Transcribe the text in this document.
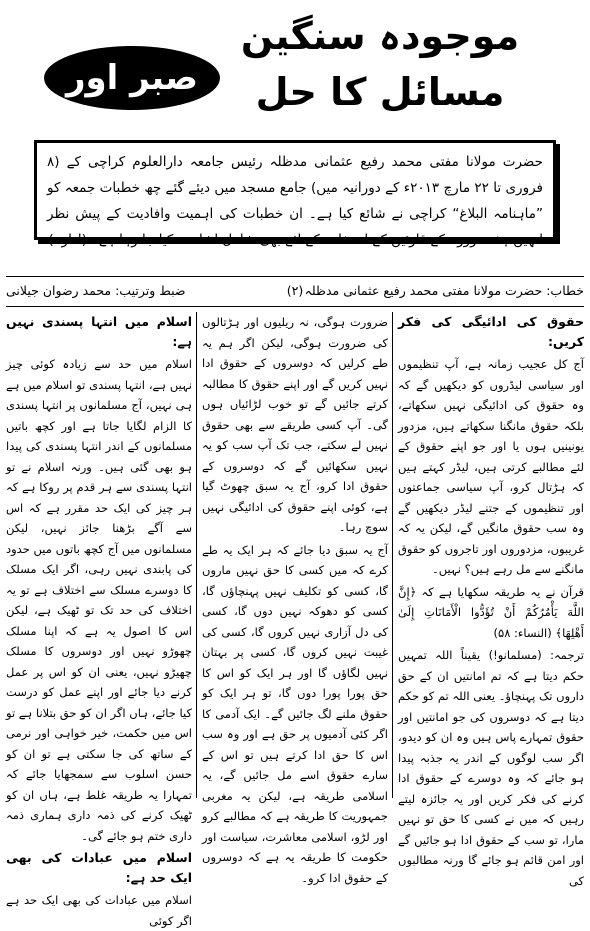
موجودہ سنگین مسائل کا حل
صبر اور نماز

حضرت مولانا مفتی محمد رفیع عثمانی مدظلہ رئیس جامعہ دارالعلوم کراچی کے (۸ فروری تا ۲۲ مارچ ۲۰۱۳ء کے دورانیہ میں) جامع مسجد میں دیئے گئے چھ خطبات جمعہ کو ”ماہنامہ البلاغ“ کراچی نے شائع کیا ہے۔ ان خطبات کی اہمیت وافادیت کے پیش نظر انہیں ہفت روزہ کے قارئین کے استفادہ کے لئے بھی شامل اشاعت کیا جا رہا ہے۔ (ادارہ)

خطاب: حضرت مولانا مفتی محمد رفیع عثمانی مدظلہ
(۲)
ضبط وترتیب: محمد رضوان جیلانی
حقوق کی ادائیگی کی فکر کریں:

آج کل عجیب زمانہ ہے، آپ تنظیموں اور سیاسی لیڈروں کو دیکھیں گے کہ وہ حقوق کی ادائیگی نہیں سکھاتے، بلکہ حقوق مانگنا سکھاتے ہیں، مزدور یونینیں ہوں یا اور جو اپنے حقوق کے لئے مطالبے کرتی ہیں، لیڈر کہتے ہیں کہ ہڑتال کرو، آپ سیاسی جماعتوں اور تنظیموں کے جتنے لیڈر دیکھیں گے وہ سب حقوق مانگیں گے، لیکن یہ کہ غریبوں، مزدوروں اور تاجروں کو حقوق مانگنے سے مل رہے ہیں؟ نہیں۔

قرآن نے یہ طریقہ سکھایا ہے کہ ﴿إِنَّ اللَّهَ يَأْمُرُكُمْ أَنْ تُؤَدُّوا الْأَمَانَاتِ إِلَىٰ أَهْلِهَا﴾ (النساء: ۵۸)

ترجمہ: (مسلمانو!) یقیناً اللہ تمہیں حکم دیتا ہے کہ تم امانتیں ان کے حق داروں تک پہنچاؤ۔ یعنی اللہ تم کو حکم دیتا ہے کہ دوسروں کی جو امانتیں اور حقوق تمہارے پاس ہیں وہ ان کو دیدو، اگر سب لوگوں کے اندر یہ جذبہ پیدا ہو جائے کہ وہ دوسرے کے حقوق ادا کرنے کی فکر کریں اور یہ جائزہ لیتے رہیں کہ میں نے کسی کا حق تو نہیں مارا، تو سب کے حقوق ادا ہو جائیں گے اور امن قائم ہو جائے گا ورنہ مطالبوں کی

ضرورت ہوگی، نہ ریلیوں اور ہڑتالوں کی ضرورت ہوگی، لیکن اگر ہم یہ طے کرلیں کہ دوسروں کے حقوق ادا نہیں کریں گے اور اپنے حقوق کا مطالبہ کرتے جائیں گے تو خوب لڑائیاں ہوں گی۔ آپ کسی طریقے سے بھی حقوق نہیں لے سکتے، جب تک آپ سب کو یہ نہیں سکھائیں گے کہ دوسروں کے حقوق ادا کرو، آج یہ سبق چھوٹ گیا ہے، کوئی اپنے حقوق کی ادائیگی نہیں سوچ رہا۔

آج یہ سبق دیا جائے کہ ہر ایک یہ طے کرے کہ میں کسی کا حق نہیں ماروں گا، کسی کو تکلیف نہیں پہنچاؤں گا، کسی کو دھوکہ نہیں دوں گا، کسی کی دل آزاری نہیں کروں گا، کسی کی غیبت نہیں کروں گا، کسی پر بہتان نہیں لگاؤں گا اور ہر ایک کو اس کا حق پورا پورا دوں گا، تو ہر ایک کو حقوق ملنے لگ جائیں گے۔ ایک آدمی کا اگر کئی آدمیوں پر حق ہے اور وہ سب اس کا حق ادا کرتے ہیں تو اس کے سارے حقوق اسے مل جائیں گے، یہ اسلامی طریقہ ہے، لیکن یہ مغربی جمہوریت کا طریقہ ہے کہ مطالبے کرو اور لڑو، اسلامی معاشرت، سیاست اور حکومت کا طریقہ یہ ہے کہ دوسروں کے حقوق ادا کرو۔

اسلام میں انتہا پسندی نہیں ہے:

اسلام میں حد سے زیادہ کوئی چیز نہیں ہے، انتہا پسندی تو اسلام میں ہے ہی نہیں، آج مسلمانوں پر انتہا پسندی کا الزام لگایا جاتا ہے اور کچھ باتیں مسلمانوں کے اندر انتہا پسندی کی پیدا ہو بھی گئی ہیں۔ ورنہ اسلام نے تو انتہا پسندی سے ہر قدم پر روکا ہے کہ ہر چیز کی ایک حد مقرر ہے کہ اس سے آگے بڑھنا جائز نہیں، لیکن مسلمانوں میں آج کچھ باتوں میں حدود کی پابندی نہیں رہی، اگر ایک مسلک کا دوسرے مسلک سے اختلاف ہے تو یہ اختلاف کی حد تک تو ٹھیک ہے، لیکن اس کا اصول یہ ہے کہ اپنا مسلک چھوڑو نہیں اور دوسروں کا مسلک چھیڑو نہیں، یعنی ان کو اس پر عمل کرنے دیا جائے اور اپنے عمل کو درست کیا جائے، ہاں اگر ان کو حق بتلانا ہے تو اس میں حکمت، خیر خواہی اور نرمی کے ساتھ کی جا سکتی ہے تو ان کو حسن اسلوب سے سمجھایا جائے کہ تمہارا یہ طریقہ غلط ہے، ہاں ان کو ٹھیک کرنے کی ذمہ داری ہماری ذمہ داری ختم ہو جائے گی۔

اسلام میں عبادات کی بھی ایک حد ہے:

اسلام میں عبادات کی بھی ایک حد ہے اگر کوئی
